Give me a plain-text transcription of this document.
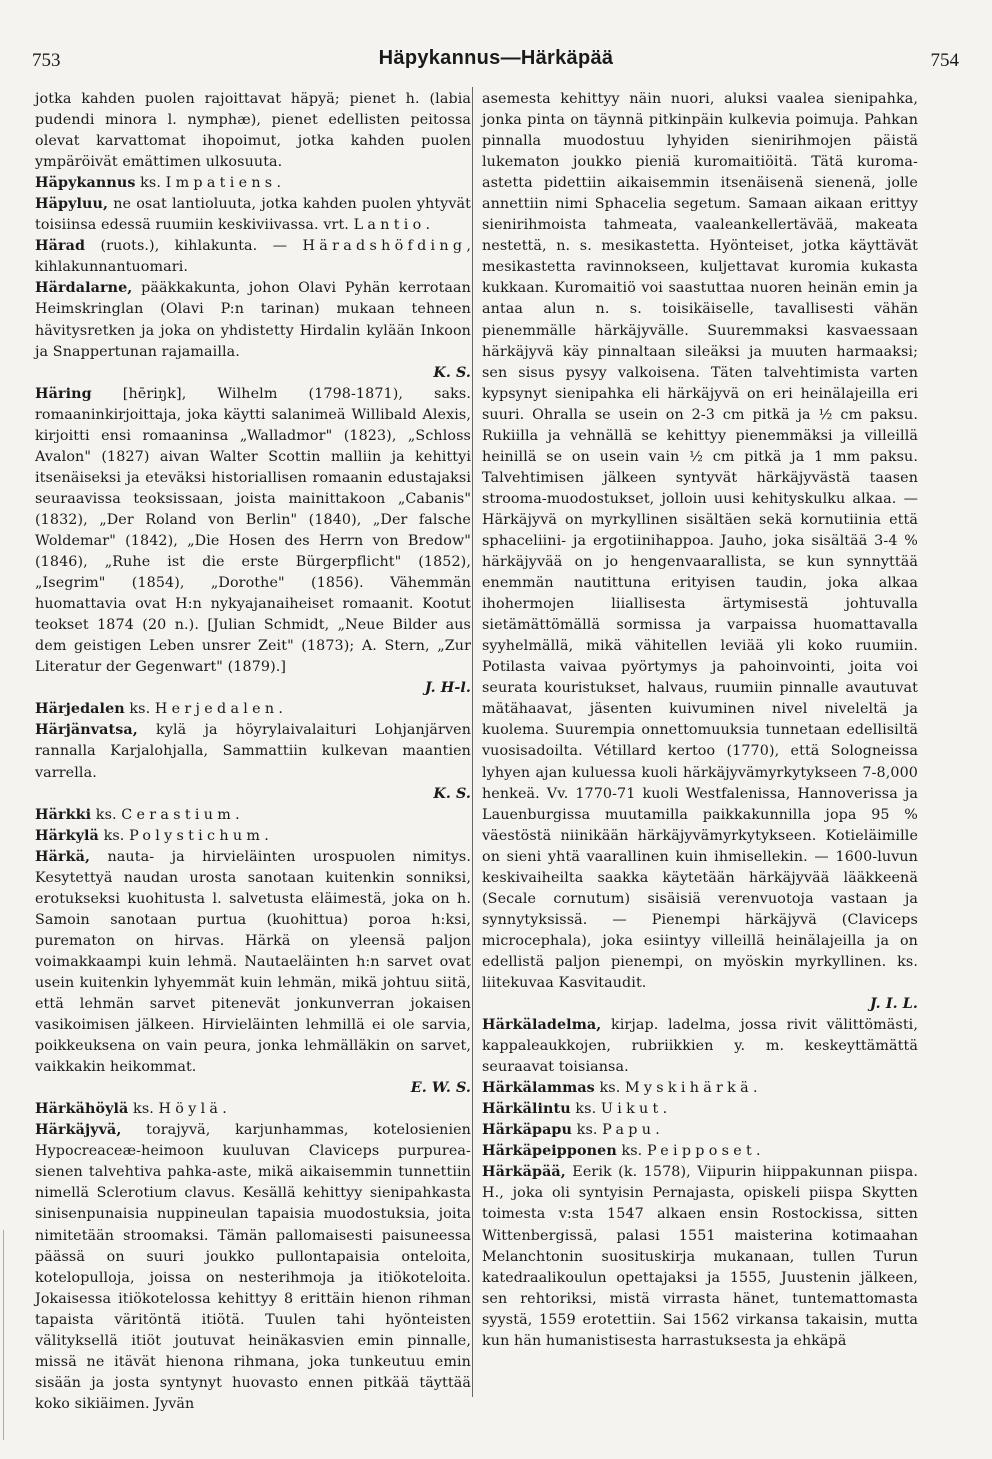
753	Häpykannus—Härkäpää	754

jotka kahden puolen rajoittavat häpyä; pienet h. (labia pudendi minora l. nymphæ), pienet edellisten peitossa olevat karvattomat ihopoimut, jotka kahden puolen ympäröivät emättimen ulkosuuta.

Häpykannus ks. Impatiens.

Häpyluu, ne osat lantioluuta, jotka kahden puolen yhtyvät toisiinsa edessä ruumiin keskiviivassa. vrt. Lantio.

Härad (ruots.), kihlakunta. — Häradshöfding, kihlakunnantuomari.

Härdalarne, pääkkakunta, johon Olavi Pyhän kerrotaan Heimskringlan (Olavi P:n tarinan) mukaan tehneen hävitysretken ja joka on yhdistetty Hirdalin kylään Inkoon ja Snappertunan rajamailla.

K. S.

Häring [hēriŋk], Wilhelm (1798-1871), saks. romaaninkirjoittaja, joka käytti salanimeä Willibald Alexis, kirjoitti ensi romaaninsa „Walladmor" (1823), „Schloss Avalon" (1827) aivan Walter Scottin malliin ja kehittyi itsenäiseksi ja eteväksi historiallisen romaanin edustajaksi seuraavissa teoksissaan, joista mainittakoon „Cabanis" (1832), „Der Roland von Berlin" (1840), „Der falsche Woldemar" (1842), „Die Hosen des Herrn von Bredow" (1846), „Ruhe ist die erste Bürgerpflicht" (1852), „Isegrim" (1854), „Dorothe" (1856). Vähemmän huomattavia ovat H:n nykyajanaiheiset romaanit. Kootut teokset 1874 (20 n.). [Julian Schmidt, „Neue Bilder aus dem geistigen Leben unsrer Zeit" (1873); A. Stern, „Zur Literatur der Gegenwart" (1879).]

J. H-l.

Härjedalen ks. Herjedalen.

Härjänvatsa, kylä ja höyrylaivalaituri Lohjanjärven rannalla Karjalohjalla, Sammattiin kulkevan maantien varrella.

K. S.

Härkki ks. Cerastium.

Härkylä ks. Polystichum.

Härkä, nauta- ja hirvieläinten urospuolen nimitys. Kesytettyä naudan urosta sanotaan kuitenkin sonniksi, erotukseksi kuohitusta l. salvetusta eläimestä, joka on h. Samoin sanotaan purtua (kuohittua) poroa h:ksi, purematon on hirvas. Härkä on yleensä paljon voimakkaampi kuin lehmä. Nautaeläinten h:n sarvet ovat usein kuitenkin lyhyemmät kuin lehmän, mikä johtuu siitä, että lehmän sarvet pitenevät jonkunverran jokaisen vasikoimisen jälkeen. Hirvieläinten lehmillä ei ole sarvia, poikkeuksena on vain peura, jonka lehmälläkin on sarvet, vaikkakin heikommat.

E. W. S.

Härkähöylä ks. Höylä.

Härkäjyvä, torajyvä, karjunhammas, kotelosienien Hypocreaceæ-heimoon kuuluvan Claviceps purpurea-sienen talvehtiva pahka-aste, mikä aikaisemmin tunnettiin nimellä Sclerotium clavus. Kesällä kehittyy sienipahkasta sinisenpunaisia nuppineulan tapaisia muodostuksia, joita nimitetään stroomaksi. Tämän pallomaisesti paisuneessa päässä on suuri joukko pullontapaisia onteloita, kotelopulloja, joissa on nesterihmoja ja itiökoteloita. Jokaisessa itiökotelossa kehittyy 8 erittäin hienon rihman tapaista väritöntä itiötä. Tuulen tahi hyönteisten välityksellä itiöt joutuvat heinäkasvien emin pinnalle, missä ne itävät hienona rihmana, joka tunkeutuu emin sisään ja josta syntynyt huovasto ennen pitkää täyttää koko sikiäimen. Jyvän

asemesta kehittyy näin nuori, aluksi vaalea sienipahka, jonka pinta on täynnä pitkinpäin kulkevia poimuja. Pahkan pinnalla muodostuu lyhyiden sienirihmojen päistä lukematon joukko pieniä kuromaitiöitä. Tätä kuroma-astetta pidettiin aikaisemmin itsenäisenä sienenä, jolle annettiin nimi Sphacelia segetum. Samaan aikaan erittyy sienirihmoista tahmeata, vaaleankellertävää, makeata nestettä, n. s. mesikastetta. Hyönteiset, jotka käyttävät mesikastetta ravinnokseen, kuljettavat kuromia kukasta kukkaan. Kuromaitiö voi saastuttaa nuoren heinän emin ja antaa alun n. s. toisikäiselle, tavallisesti vähän pienemmälle härkäjyvälle. Suuremmaksi kasvaessaan härkäjyvä käy pinnaltaan sileäksi ja muuten harmaaksi; sen sisus pysyy valkoisena. Täten talvehtimista varten kypsynyt sienipahka eli härkäjyvä on eri heinälajeilla eri suuri. Ohralla se usein on 2-3 cm pitkä ja ½ cm paksu. Rukiilla ja vehnällä se kehittyy pienemmäksi ja villeillä heinillä se on usein vain ½ cm pitkä ja 1 mm paksu. Talvehtimisen jälkeen syntyvät härkäjyvästä taasen strooma-muodostukset, jolloin uusi kehityskulku alkaa. — Härkäjyvä on myrkyllinen sisältäen sekä kornutiinia että sphaceliini- ja ergotiinihappoa. Jauho, joka sisältää 3-4 % härkäjyvää on jo hengenvaarallista, se kun synnyttää enemmän nautittuna erityisen taudin, joka alkaa ihohermojen liiallisesta ärtymisestä johtuvalla sietämättömällä sormissa ja varpaissa huomattavalla syyhelmällä, mikä vähitellen leviää yli koko ruumiin. Potilasta vaivaa pyörtymys ja pahoinvointi, joita voi seurata kouristukset, halvaus, ruumiin pinnalle avautuvat mätähaavat, jäsenten kuivuminen nivel niveleltä ja kuolema. Suurempia onnettomuuksia tunnetaan edellisiltä vuosisadoilta. Vétillard kertoo (1770), että Sologneissa lyhyen ajan kuluessa kuoli härkäjyvämyrkytykseen 7-8,000 henkeä. Vv. 1770-71 kuoli Westfalenissa, Hannoverissa ja Lauenburgissa muutamilla paikkakunnilla jopa 95 % väestöstä niinikään härkäjyvämyrkytykseen. Kotieläimille on sieni yhtä vaarallinen kuin ihmisellekin. — 1600-luvun keskivaiheilta saakka käytetään härkäjyvää lääkkeenä (Secale cornutum) sisäisiä verenvuotoja vastaan ja synnytyksissä. — Pienempi härkäjyvä (Claviceps microcephala), joka esiintyy villeillä heinälajeilla ja on edellistä paljon pienempi, on myöskin myrkyllinen. ks. liitekuvaa Kasvitaudit.

J. I. L.

Härkäladelma, kirjap. ladelma, jossa rivit välittömästi, kappaleaukkojen, rubriikkien y. m. keskeyttämättä seuraavat toisiansa.

Härkälammas ks. Myskihärkä.

Härkälintu ks. Uikut.

Härkäpapu ks. Papu.

Härkäpeipponen ks. Peipposet.

Härkäpää, Eerik (k. 1578), Viipurin hiippakunnan piispa. H., joka oli syntyisin Pernajasta, opiskeli piispa Skytten toimesta v:sta 1547 alkaen ensin Rostockissa, sitten Wittenbergissä, palasi 1551 maisterina kotimaahan Melanchtonin suosituskirja mukanaan, tullen Turun katedraalikoulun opettajaksi ja 1555, Juustenin jälkeen, sen rehtoriksi, mistä virrasta hänet, tuntemattomasta syystä, 1559 erotettiin. Sai 1562 virkansa takaisin, mutta kun hän humanistisesta harrastuksesta ja ehkäpä
